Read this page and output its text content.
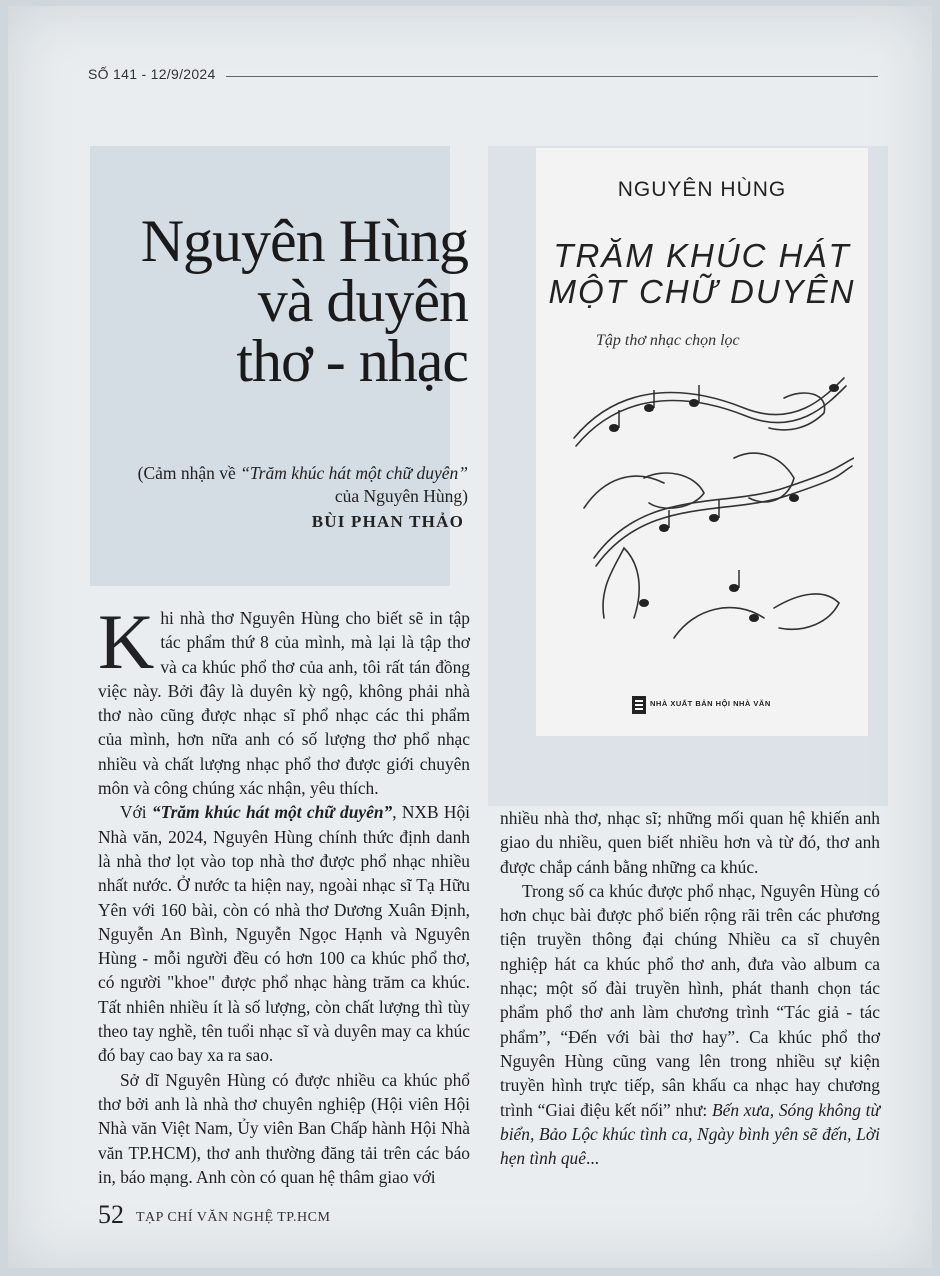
SỐ 141 - 12/9/2024
Nguyên Hùng
và duyên
thơ - nhạc
(Cảm nhận về “Trăm khúc hát một chữ duyên”
của Nguyên Hùng)
BÙI PHAN THẢO
NGUYÊN HÙNG
TRĂM KHÚC HÁT
MỘT CHỮ DUYÊN
Tập thơ nhạc chọn lọc
NHÀ XUẤT BẢN HỘI NHÀ VĂN

Khi nhà thơ Nguyên Hùng cho biết sẽ in tập tác phẩm thứ 8 của mình, mà lại là tập thơ và ca khúc phổ thơ của anh, tôi rất tán đồng việc này. Bởi đây là duyên kỳ ngộ, không phải nhà thơ nào cũng được nhạc sĩ phổ nhạc các thi phẩm của mình, hơn nữa anh có số lượng thơ phổ nhạc nhiều và chất lượng nhạc phổ thơ được giới chuyên môn và công chúng xác nhận, yêu thích.

Với “Trăm khúc hát một chữ duyên”, NXB Hội Nhà văn, 2024, Nguyên Hùng chính thức định danh là nhà thơ lọt vào top nhà thơ được phổ nhạc nhiều nhất nước. Ở nước ta hiện nay, ngoài nhạc sĩ Tạ Hữu Yên với 160 bài, còn có nhà thơ Dương Xuân Định, Nguyễn An Bình, Nguyễn Ngọc Hạnh và Nguyên Hùng - mỗi người đều có hơn 100 ca khúc phổ thơ, có người "khoe" được phổ nhạc hàng trăm ca khúc. Tất nhiên nhiều ít là số lượng, còn chất lượng thì tùy theo tay nghề, tên tuổi nhạc sĩ và duyên may ca khúc đó bay cao bay xa ra sao.

Sở dĩ Nguyên Hùng có được nhiều ca khúc phổ thơ bởi anh là nhà thơ chuyên nghiệp (Hội viên Hội Nhà văn Việt Nam, Ủy viên Ban Chấp hành Hội Nhà văn TP.HCM), thơ anh thường đăng tải trên các báo in, báo mạng. Anh còn có quan hệ thâm giao với

nhiều nhà thơ, nhạc sĩ; những mối quan hệ khiến anh giao du nhiều, quen biết nhiều hơn và từ đó, thơ anh được chắp cánh bằng những ca khúc.

Trong số ca khúc được phổ nhạc, Nguyên Hùng có hơn chục bài được phổ biến rộng rãi trên các phương tiện truyền thông đại chúng Nhiều ca sĩ chuyên nghiệp hát ca khúc phổ thơ anh, đưa vào album ca nhạc; một số đài truyền hình, phát thanh chọn tác phẩm phổ thơ anh làm chương trình “Tác giả - tác phẩm”, “Đến với bài thơ hay”. Ca khúc phổ thơ Nguyên Hùng cũng vang lên trong nhiều sự kiện truyền hình trực tiếp, sân khấu ca nhạc hay chương trình “Giai điệu kết nối” như: Bến xưa, Sóng không từ biển, Bảo Lộc khúc tình ca, Ngày bình yên sẽ đến, Lời hẹn tình quê...

52 TẠP CHÍ VĂN NGHỆ TP.HCM
